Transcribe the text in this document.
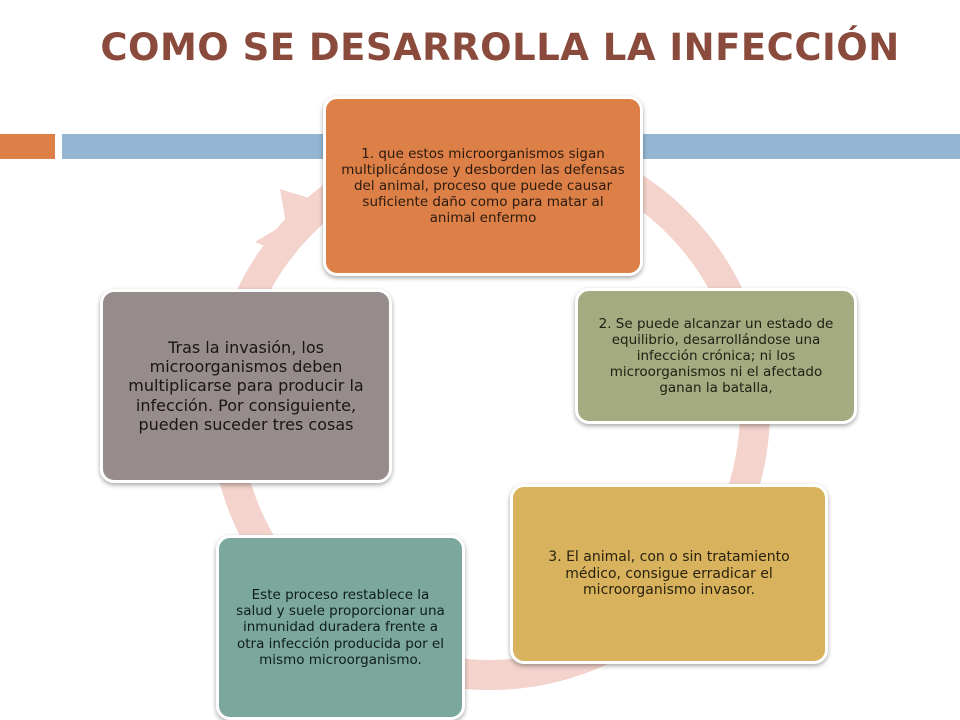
COMO SE DESARROLLA LA INFECCIÓN
1. que estos microorganismos sigan multiplicándose y desborden las defensas del animal, proceso que puede causar suficiente daño como para matar al animal enfermo
2. Se puede alcanzar un estado de equilibrio, desarrollándose una infección crónica; ni los microorganismos ni el afectado ganan la batalla,
3. El animal, con o sin tratamiento médico, consigue erradicar el microorganismo invasor.
Este proceso restablece la salud y suele proporcionar una inmunidad duradera frente a otra infección producida por el mismo microorganismo.
Tras la invasión, los microorganismos deben multiplicarse para producir la infección. Por consiguiente, pueden suceder tres cosas
